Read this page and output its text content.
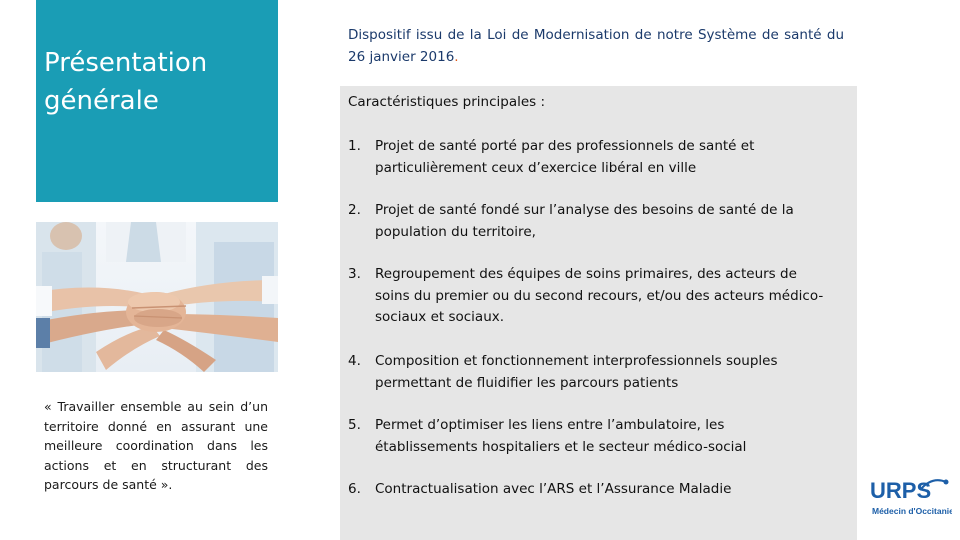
Présentation générale
« Travailler ensemble au sein d’un territoire donné en assurant une meilleure coordination dans les actions et en structurant des parcours de santé ».
Dispositif issu de la Loi de Modernisation de notre Système de santé du 26 janvier 2016.
Caractéristiques principales :
1.	Projet de santé porté par des professionnels de santé et particulièrement ceux d’exercice libéral en ville
2.	Projet de santé fondé sur l’analyse des besoins de santé de la population du territoire,
3.	Regroupement des équipes de soins primaires, des acteurs de soins du premier ou du second recours, et/ou des acteurs médico-sociaux et sociaux.
4.	Composition et fonctionnement interprofessionnels souples permettant de fluidifier les parcours patients
5.	Permet d’optimiser les liens entre l’ambulatoire, les établissements hospitaliers et le secteur médico-social
6.	Contractualisation avec l’ARS et l’Assurance Maladie	URPS
Médecin d'Occitanie
